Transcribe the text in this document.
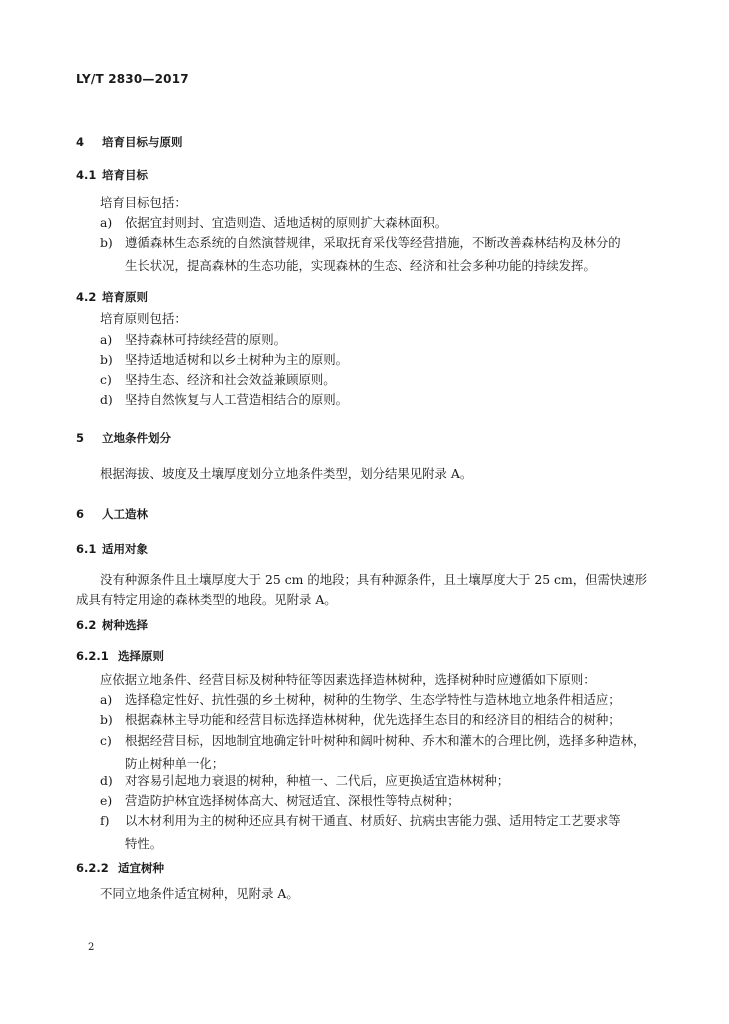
LY/T 2830—2017
4 培育目标与原则
4.1 培育目标
培育目标包括：
a) 依据宜封则封、宜造则造、适地适树的原则扩大森林面积。
b) 遵循森林生态系统的自然演替规律，采取抚育采伐等经营措施，不断改善森林结构及林分的
生长状况，提高森林的生态功能，实现森林的生态、经济和社会多种功能的持续发挥。
4.2 培育原则
培育原则包括：
a) 坚持森林可持续经营的原则。
b) 坚持适地适树和以乡土树种为主的原则。
c) 坚持生态、经济和社会效益兼顾原则。
d) 坚持自然恢复与人工营造相结合的原则。
5 立地条件划分
根据海拔、坡度及土壤厚度划分立地条件类型，划分结果见附录 A。
6 人工造林
6.1 适用对象
没有种源条件且土壤厚度大于 25 cm 的地段；具有种源条件，且土壤厚度大于 25 cm，但需快速形
成具有特定用途的森林类型的地段。见附录 A。
6.2 树种选择
6.2.1 选择原则
应依据立地条件、经营目标及树种特征等因素选择造林树种，选择树种时应遵循如下原则：
a) 选择稳定性好、抗性强的乡土树种，树种的生物学、生态学特性与造林地立地条件相适应；
b) 根据森林主导功能和经营目标选择造林树种，优先选择生态目的和经济目的相结合的树种；
c) 根据经营目标，因地制宜地确定针叶树种和阔叶树种、乔木和灌木的合理比例，选择多种造林，
防止树种单一化；
d) 对容易引起地力衰退的树种，种植一、二代后，应更换适宜造林树种；
e) 营造防护林宜选择树体高大、树冠适宜、深根性等特点树种；
f) 以木材利用为主的树种还应具有树干通直、材质好、抗病虫害能力强、适用特定工艺要求等
特性。
6.2.2 适宜树种
不同立地条件适宜树种，见附录 A。
2
